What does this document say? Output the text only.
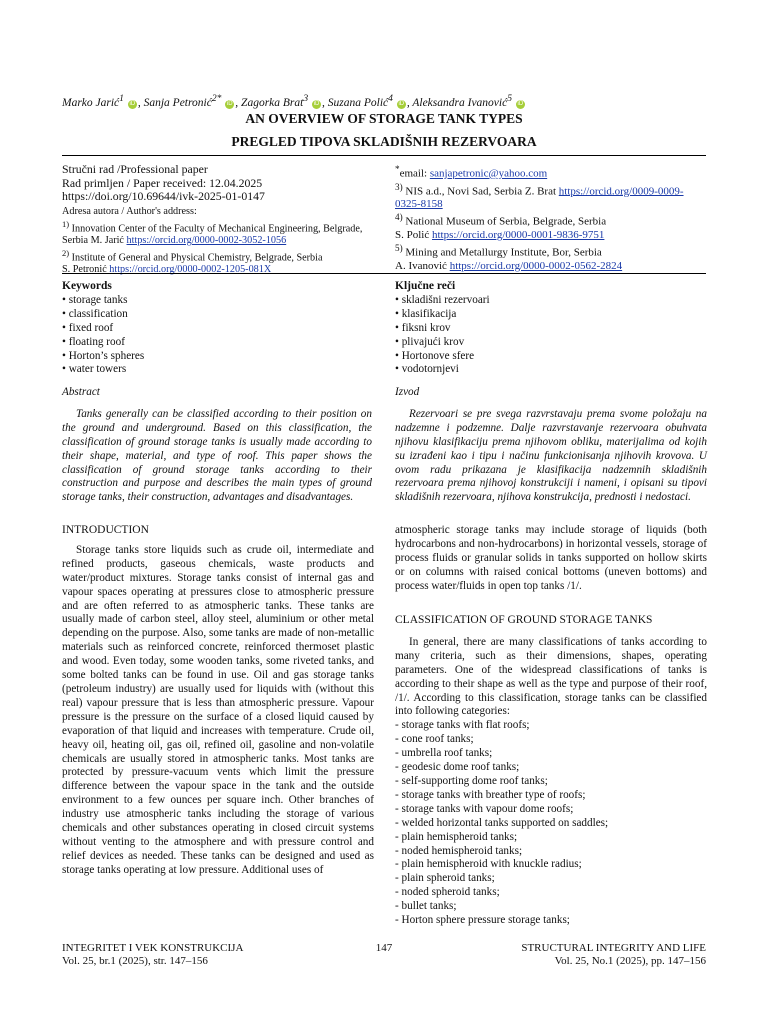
Marko Jarić$^1$ iD , Sanja Petronić$^{2*}$ iD , Zagorka Brat$^3$ iD , Suzana Polić$^4$ iD , Aleksandra Ivanović$^5$ iD
AN OVERVIEW OF STORAGE TANK TYPES
PREGLED TIPOVA SKLADIŠNIH REZERVOARA
Stručni rad /Professional paper
Rad primljen / Paper received: 12.04.2025
https://doi.org/10.69644/ivk-2025-01-0147
Adresa autora / Author's address:
$^{1)}$ Innovation Center of the Faculty of Mechanical Engineering, Belgrade, Serbia M. Jarić https://orcid.org/0000-0002-3052-1056
$^{2)}$ Institute of General and Physical Chemistry, Belgrade, Serbia
S. Petronić https://orcid.org/0000-0002-1205-081X
*email: sanjapetronic@yahoo.com
$^{3)}$ NIS a.d., Novi Sad, Serbia Z. Brat https://orcid.org/0009-0009-0325-8158
$^{4)}$ National Museum of Serbia, Belgrade, Serbia
S. Polić https://orcid.org/0000-0001-9836-9751
$^{5)}$ Mining and Metallurgy Institute, Bor, Serbia
A. Ivanović https://orcid.org/0000-0002-0562-2824
Keywords
• storage tanks
• classification
• fixed roof
• floating roof
• Horton’s spheres
• water towers
Ključne reči
• skladišni rezervoari
• klasifikacija
• fiksni krov
• plivajući krov
• Hortonove sfere
• vodotornjevi
Abstract
Tanks generally can be classified according to their position on the ground and underground. Based on this classification, the classification of ground storage tanks is usually made according to their shape, material, and type of roof. This paper shows the classification of ground storage tanks according to their construction and purpose and describes the main types of ground storage tanks, their construction, advantages and disadvantages.
Izvod
Rezervoari se pre svega razvrstavaju prema svome položaju na nadzemne i podzemne. Dalje razvrstavanje rezervoara obuhvata njihovu klasifikaciju prema njihovom obliku, materijalima od kojih su izrađeni kao i tipu i načinu funkcionisanja njihovih krovova. U ovom radu prikazana je klasifikacija nadzemnih skladišnih rezervoara prema njihovoj konstrukciji i nameni, i opisani su tipovi skladišnih rezervoara, njihova konstrukcija, prednosti i nedostaci.
INTRODUCTION
Storage tanks store liquids such as crude oil, intermediate and refined products, gaseous chemicals, waste products and water/product mixtures. Storage tanks consist of internal gas and vapour spaces operating at pressures close to atmospheric pressure and are often referred to as atmospheric tanks. These tanks are usually made of carbon steel, alloy steel, aluminium or other metal depending on the purpose. Also, some tanks are made of non-metallic materials such as reinforced concrete, reinforced thermoset plastic and wood. Even today, some wooden tanks, some riveted tanks, and some bolted tanks can be found in use. Oil and gas storage tanks (petroleum industry) are usually used for liquids with (without this real) vapour pressure that is less than atmospheric pressure. Vapour pressure is the pressure on the surface of a closed liquid caused by evaporation of that liquid and increases with temperature. Crude oil, heavy oil, heating oil, gas oil, refined oil, gasoline and non-volatile chemicals are usually stored in atmospheric tanks. Most tanks are protected by pressure-vacuum vents which limit the pressure difference between the vapour space in the tank and the outside environment to a few ounces per square inch. Other branches of industry use atmospheric tanks including the storage of various chemicals and other substances operating in closed circuit systems without venting to the atmosphere and with pressure control and relief devices as needed. These tanks can be designed and used as storage tanks operating at low pressure. Additional uses of
atmospheric storage tanks may include storage of liquids (both hydrocarbons and non-hydrocarbons) in horizontal vessels, storage of process fluids or granular solids in tanks supported on hollow skirts or on columns with raised conical bottoms (uneven bottoms) and process water/fluids in open top tanks /1/.
CLASSIFICATION OF GROUND STORAGE TANKS
In general, there are many classifications of tanks according to many criteria, such as their dimensions, shapes, operating parameters. One of the widespread classifications of tanks is according to their shape as well as the type and purpose of their roof, /1/. According to this classification, storage tanks can be classified into following categories:
- storage tanks with flat roofs;
- cone roof tanks;
- umbrella roof tanks;
- geodesic dome roof tanks;
- self-supporting dome roof tanks;
- storage tanks with breather type of roofs;
- storage tanks with vapour dome roofs;
- welded horizontal tanks supported on saddles;
- plain hemispheroid tanks;
- noded hemispheroid tanks;
- plain hemispheroid with knuckle radius;
- plain spheroid tanks;
- noded spheroid tanks;
- bullet tanks;
- Horton sphere pressure storage tanks;
INTEGRITET I VEK KONSTRUKCIJA
Vol. 25, br.1 (2025), str. 147–156
147	STRUCTURAL INTEGRITY AND LIFE
Vol. 25, No.1 (2025), pp. 147–156
